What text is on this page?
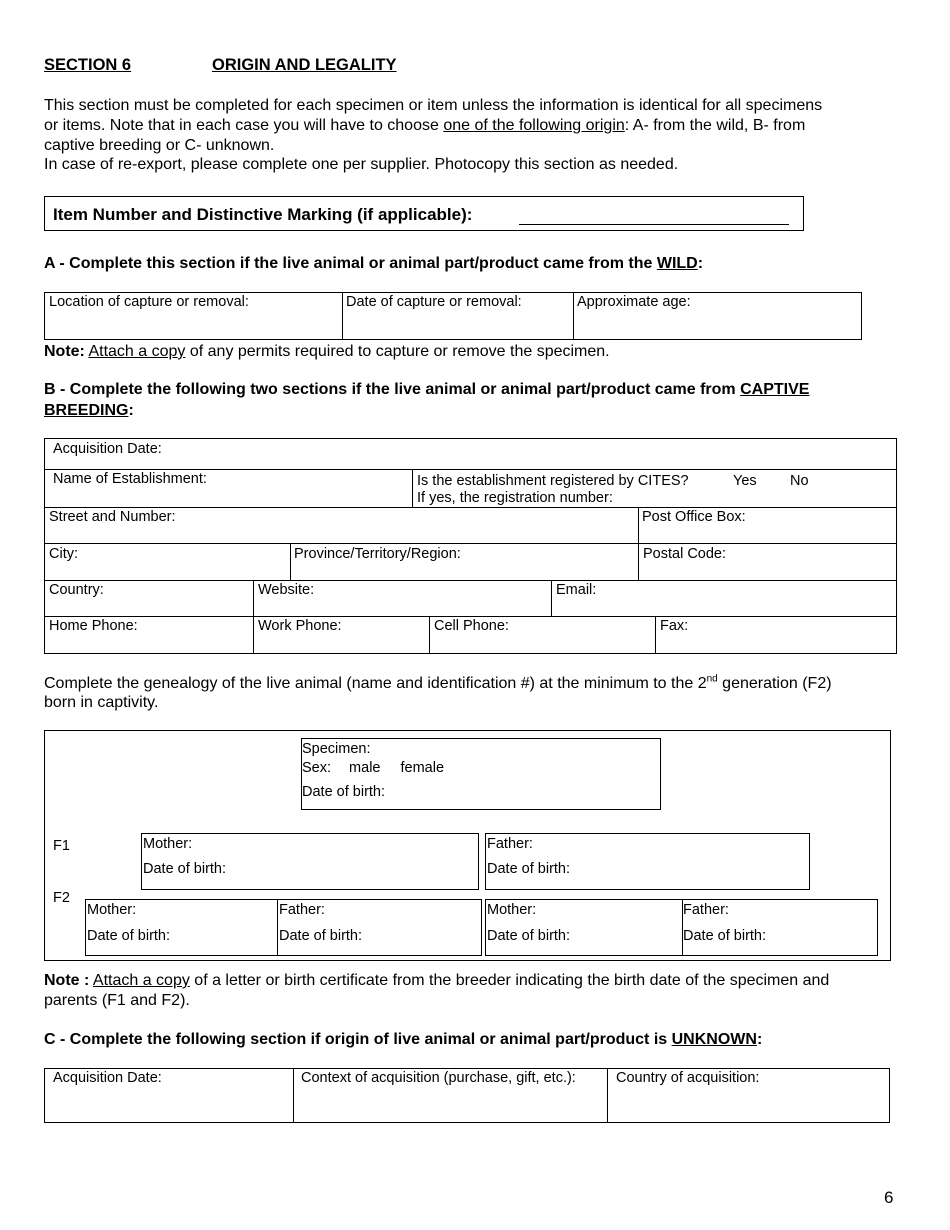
SECTION 6	ORIGIN AND LEGALITY
This section must be completed for each specimen or item unless the information is identical for all specimens
or items. Note that in each case you will have to choose one of the following origin: A- from the wild, B- from
captive breeding or C- unknown.
In case of re-export, please complete one per supplier. Photocopy this section as needed.
Item Number and Distinctive Marking (if applicable):
A - Complete this section if the live animal or animal part/product came from the WILD:
Location of capture or removal:	Date of capture or removal:	Approximate age:
Note: Attach a copy of any permits required to capture or remove the specimen.
B - Complete the following two sections if the live animal or animal part/product came from CAPTIVE
BREEDING:
Acquisition Date:
Name of Establishment:	Is the establishment registered by CITES?	Yes No
If yes, the registration number:
Street and Number:	Post Office Box:
City:	Province/Territory/Region:	Postal Code:
Country:	Website:	Email:
Home Phone:	Work Phone:	Cell Phone:	Fax:
Complete the genealogy of the live animal (name and identification #) at the minimum to the 2nd generation (F2)
born in captivity.
Specimen:
Sex: male female
Date of birth:
F1
F2
Mother:
Date of birth:
Father:
Date of birth:
Mother:
Date of birth:
Father:
Date of birth:
Mother:
Date of birth:
Father:
Date of birth:
Note : Attach a copy of a letter or birth certificate from the breeder indicating the birth date of the specimen and
parents (F1 and F2).
C - Complete the following section if origin of live animal or animal part/product is UNKNOWN:
Acquisition Date:	Context of acquisition (purchase, gift, etc.):	Country of acquisition:
6
